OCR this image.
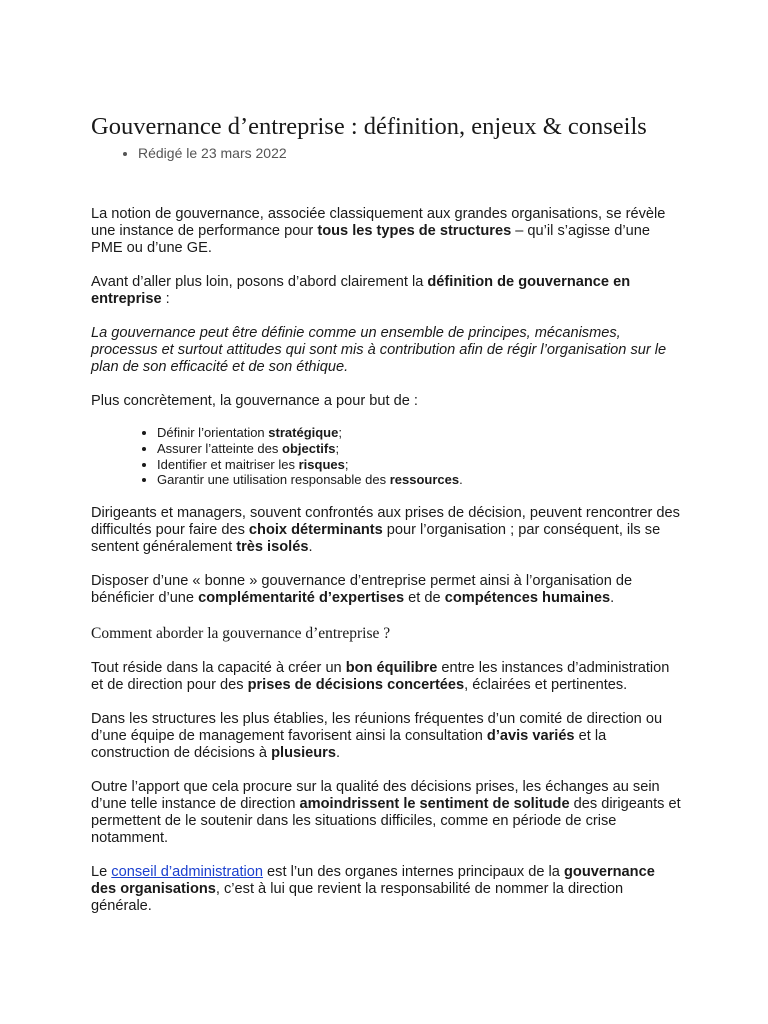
Gouvernance d’entreprise : définition, enjeux & conseils
• Rédigé le 23 mars 2022

La notion de gouvernance, associée classiquement aux grandes organisations, se révèle une instance de performance pour tous les types de structures – qu’il s’agisse d’une PME ou d’une GE.

Avant d’aller plus loin, posons d’abord clairement la définition de gouvernance en entreprise :

La gouvernance peut être définie comme un ensemble de principes, mécanismes, processus et surtout attitudes qui sont mis à contribution afin de régir l’organisation sur le plan de son efficacité et de son éthique.

Plus concrètement, la gouvernance a pour but de :

• Définir l’orientation stratégique;
• Assurer l’atteinte des objectifs;
• Identifier et maitriser les risques;
• Garantir une utilisation responsable des ressources.

Dirigeants et managers, souvent confrontés aux prises de décision, peuvent rencontrer des difficultés pour faire des choix déterminants pour l’organisation ; par conséquent, ils se sentent généralement très isolés.

Disposer d’une « bonne » gouvernance d’entreprise permet ainsi à l’organisation de bénéficier d’une complémentarité d’expertises et de compétences humaines.

Comment aborder la gouvernance d’entreprise ?

Tout réside dans la capacité à créer un bon équilibre entre les instances d’administration et de direction pour des prises de décisions concertées, éclairées et pertinentes.

Dans les structures les plus établies, les réunions fréquentes d’un comité de direction ou d’une équipe de management favorisent ainsi la consultation d’avis variés et la construction de décisions à plusieurs.

Outre l’apport que cela procure sur la qualité des décisions prises, les échanges au sein d’une telle instance de direction amoindrissent le sentiment de solitude des dirigeants et permettent de le soutenir dans les situations difficiles, comme en période de crise notamment.

Le conseil d’administration est l’un des organes internes principaux de la gouvernance des organisations, c’est à lui que revient la responsabilité de nommer la direction générale.
